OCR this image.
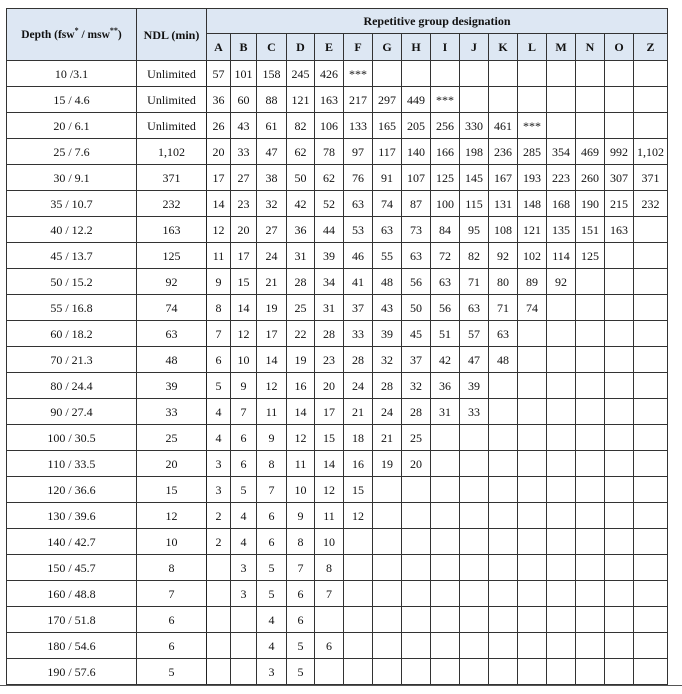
Depth (fsw* / msw**)	NDL (min)	Repetitive group designation															
		A	B	C	D	E	F	G	H	I	J	K	L	M	N	O	Z
10 /3.1	Unlimited	57	101	158	245	426	***										
15 / 4.6	Unlimited	36	60	88	121	163	217	297	449	***							
20 / 6.1	Unlimited	26	43	61	82	106	133	165	205	256	330	461	***				
25 / 7.6	1,102	20	33	47	62	78	97	117	140	166	198	236	285	354	469	992	1,102
30 / 9.1	371	17	27	38	50	62	76	91	107	125	145	167	193	223	260	307	371
35 / 10.7	232	14	23	32	42	52	63	74	87	100	115	131	148	168	190	215	232
40 / 12.2	163	12	20	27	36	44	53	63	73	84	95	108	121	135	151	163	
45 / 13.7	125	11	17	24	31	39	46	55	63	72	82	92	102	114	125		
50 / 15.2	92	9	15	21	28	34	41	48	56	63	71	80	89	92			
55 / 16.8	74	8	14	19	25	31	37	43	50	56	63	71	74				
60 / 18.2	63	7	12	17	22	28	33	39	45	51	57	63					
70 / 21.3	48	6	10	14	19	23	28	32	37	42	47	48					
80 / 24.4	39	5	9	12	16	20	24	28	32	36	39						
90 / 27.4	33	4	7	11	14	17	21	24	28	31	33						
100 / 30.5	25	4	6	9	12	15	18	21	25								
110 / 33.5	20	3	6	8	11	14	16	19	20								
120 / 36.6	15	3	5	7	10	12	15										
130 / 39.6	12	2	4	6	9	11	12										
140 / 42.7	10	2	4	6	8	10											
150 / 45.7	8		3	5	7	8											
160 / 48.8	7		3	5	6	7											
170 / 51.8	6			4	6												
180 / 54.6	6			4	5	6											
190 / 57.6	5			3	5												
